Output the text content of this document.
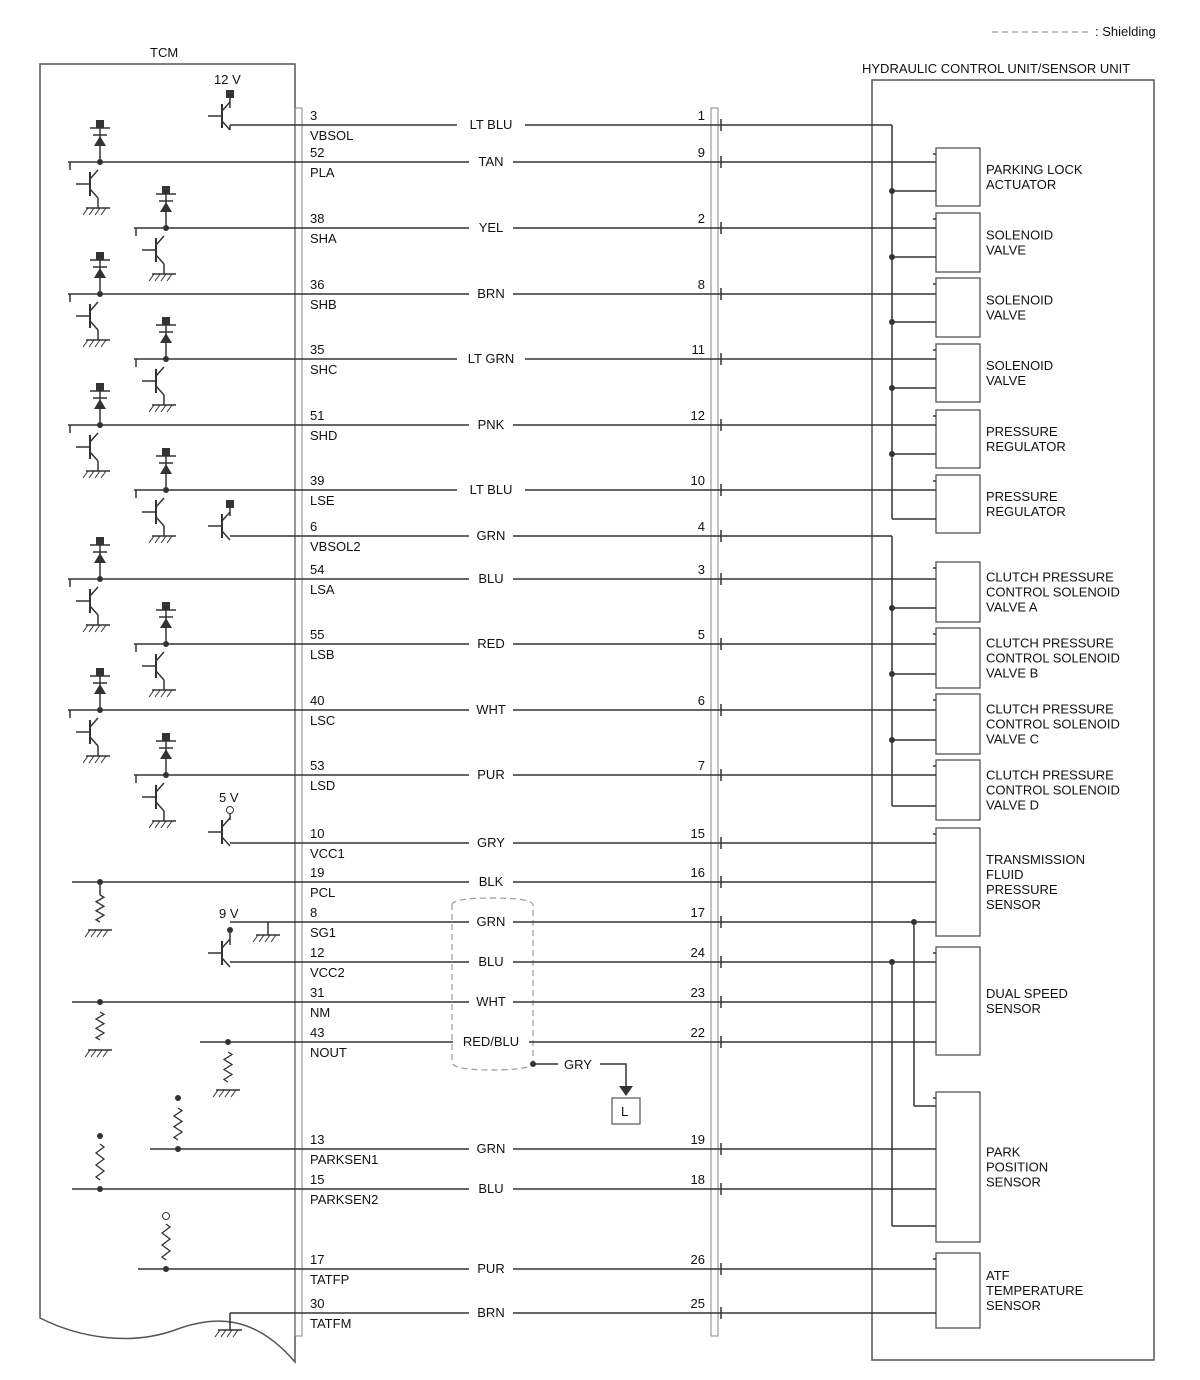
: Shielding
TCM
HYDRAULIC CONTROL UNIT/SENSOR UNIT
GRY
L
12 V
5 V
9 V
3
VBSOL
LT BLU
1
52
PLA
TAN
9
38
SHA
YEL
2
36
SHB
BRN
8
35
SHC
LT GRN
11
51
SHD
PNK
12
39
LSE
LT BLU
10
6
VBSOL2
GRN
4
54
LSA
BLU
3
55
LSB
RED
5
40
LSC
WHT
6
53
LSD
PUR
7
10
VCC1
GRY
15
19
PCL
BLK
16
8
SG1
GRN
17
12
VCC2
BLU
24
31
NM
WHT
23
43
NOUT
RED/BLU
22
13
PARKSEN1
GRN
19
15
PARKSEN2
BLU
18
17
TATFP
PUR
26
30
TATFM
BRN
25
PARKING LOCK
ACTUATOR
SOLENOID
VALVE
SOLENOID
VALVE
SOLENOID
VALVE
PRESSURE
REGULATOR
PRESSURE
REGULATOR
CLUTCH PRESSURE
CONTROL SOLENOID
VALVE A
CLUTCH PRESSURE
CONTROL SOLENOID
VALVE B
CLUTCH PRESSURE
CONTROL SOLENOID
VALVE C
CLUTCH PRESSURE
CONTROL SOLENOID
VALVE D
TRANSMISSION
FLUID
PRESSURE
SENSOR
DUAL SPEED
SENSOR
PARK
POSITION
SENSOR
ATF
TEMPERATURE
SENSOR
